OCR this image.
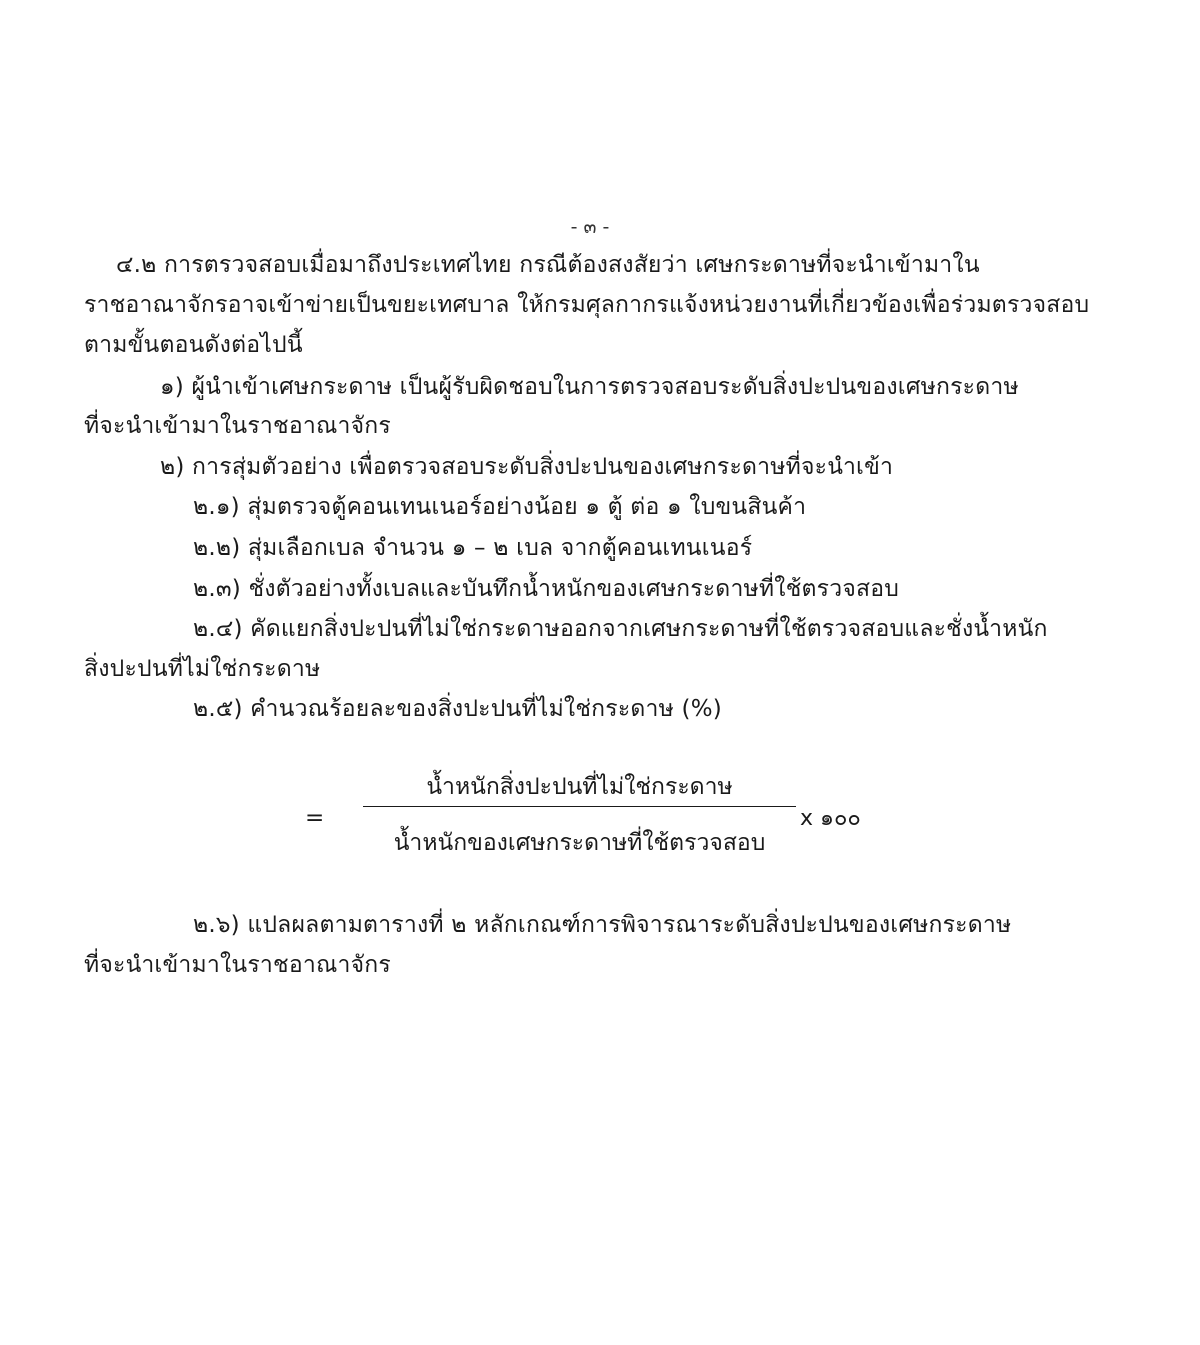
- ๓ -
๔.๒ การตรวจสอบเมื่อมาถึงประเทศไทย กรณีต้องสงสัยว่า เศษกระดาษที่จะนำเข้ามาใน
ราชอาณาจักรอาจเข้าข่ายเป็นขยะเทศบาล ให้กรมศุลกากรแจ้งหน่วยงานที่เกี่ยวข้องเพื่อร่วมตรวจสอบ
ตามขั้นตอนดังต่อไปนี้
๑) ผู้นำเข้าเศษกระดาษ เป็นผู้รับผิดชอบในการตรวจสอบระดับสิ่งปะปนของเศษกระดาษ
ที่จะนำเข้ามาในราชอาณาจักร
๒) การสุ่มตัวอย่าง เพื่อตรวจสอบระดับสิ่งปะปนของเศษกระดาษที่จะนำเข้า
๒.๑) สุ่มตรวจตู้คอนเทนเนอร์อย่างน้อย ๑ ตู้ ต่อ ๑ ใบขนสินค้า
๒.๒) สุ่มเลือกเบล จำนวน ๑ – ๒ เบล จากตู้คอนเทนเนอร์
๒.๓) ชั่งตัวอย่างทั้งเบลและบันทึกน้ำหนักของเศษกระดาษที่ใช้ตรวจสอบ
๒.๔) คัดแยกสิ่งปะปนที่ไม่ใช่กระดาษออกจากเศษกระดาษที่ใช้ตรวจสอบและชั่งน้ำหนัก
สิ่งปะปนที่ไม่ใช่กระดาษ
๒.๕) คำนวณร้อยละของสิ่งปะปนที่ไม่ใช่กระดาษ (%)
=
น้ำหนักสิ่งปะปนที่ไม่ใช่กระดาษ
น้ำหนักของเศษกระดาษที่ใช้ตรวจสอบ
x ๑๐๐
๒.๖) แปลผลตามตารางที่ ๒ หลักเกณฑ์การพิจารณาระดับสิ่งปะปนของเศษกระดาษ
ที่จะนำเข้ามาในราชอาณาจักร
